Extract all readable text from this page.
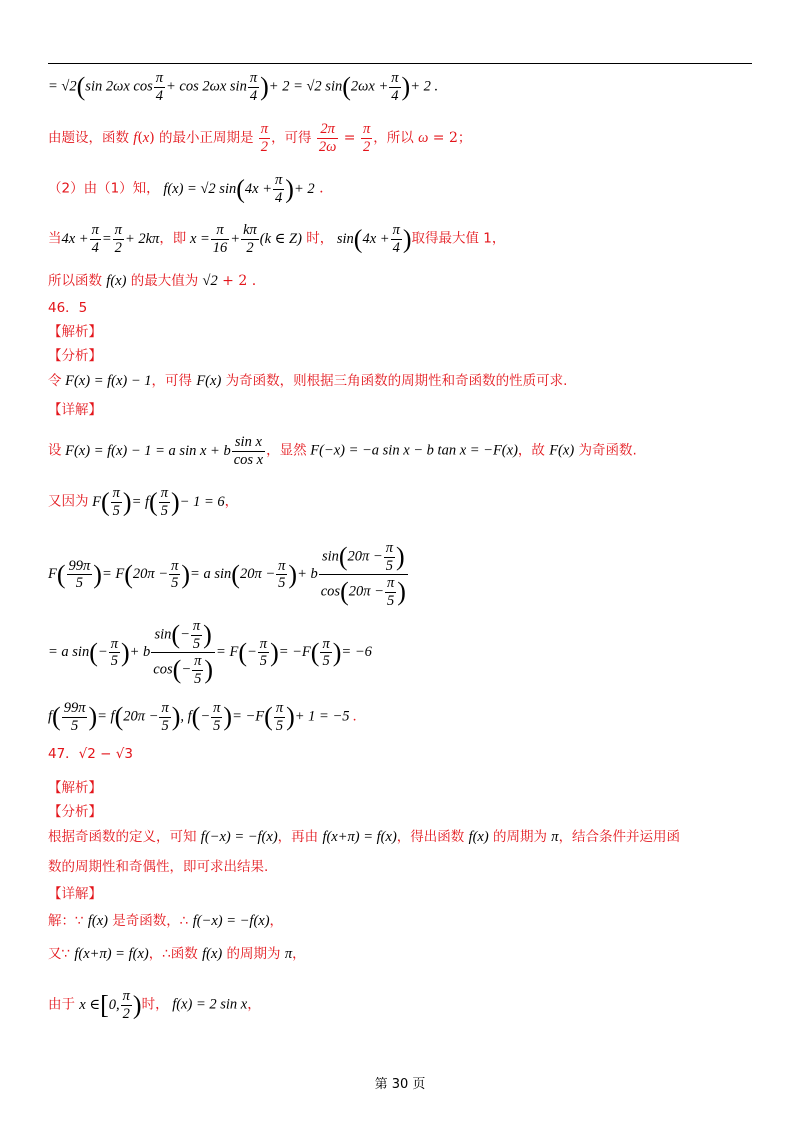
= √2(sin 2ωx $\cos \frac{\pi}{4} + \cos 2\omega x$ $\sin \frac{\pi}{4}$ )+ 2 = √2 $\sin(2\omega x + \frac{\pi}{4}$ )+ 2 .
由题设，函数 f(x) 的最小正周期是 $\frac{\pi}{2}$ ，可得 $\frac{2\pi}{2\omega} = \frac{\pi}{2}$ ，所以 ω = 2；
（2）由（1）知， f(x) = √2 $\sin(4x + \frac{\pi}{4}$ )+ 2 .
当$4x + \frac{\pi}{4} = \frac{\pi}{2} + 2k\pi$，即 $x = \frac{\pi}{16} + \frac{k\pi}{2} (k$ ∈ Z) 时， $\sin(4x + \frac{\pi}{4}$ )取得最大值 1，
所以函数 f(x) 的最大值为 √2 + 2 .
46．5
【解析】
【分析】
令 F(x) = f(x) − 1，可得 F(x) 为奇函数，则根据三角函数的周期性和奇函数的性质可求.
【详解】
设 F(x) = f(x) − 1 = a sin x + b $\frac{\text{sin x}}{\text{cos x}}$ ，显然 F(−x) = −a sin x − b tan x = −F(x)，故 F(x) 为奇函数.
又因为 $F( \frac{\pi}{5}$ )= $f( \frac{\pi}{5}$ )− 1 = 6，
$F( \frac{99\pi}{5}$ )= $F(20\pi - \frac{\pi}{5}$ )= a $\sin(20\pi - \frac{\pi}{5}$ )+ b $\frac{\sin(20\pi - \frac{\pi}{5} )}{\cos(20\pi - \frac{\pi}{5} )}$
= a $\sin(- \frac{\pi}{5}$ )+ b $\frac{\sin(- \frac{\pi}{5} )}{\cos(- \frac{\pi}{5} )} = F(- \frac{\pi}{5}$ )= $-F( \frac{\pi}{5}$ )= −6
$f( \frac{99\pi}{5}$ )= $f(20\pi - \frac{\pi}{5}$ ), $f(- \frac{\pi}{5}$ )= $-F( \frac{\pi}{5}$ )+ 1 = −5 .
47．√2 − √3
【解析】
【分析】
根据奇函数的定义，可知 f(−x) = −f(x)，再由 f(x+π) = f(x)，得出函数 f(x) 的周期为 π，结合条件并运用函
数的周期性和奇偶性，即可求出结果.
【详解】
解：∵ f(x) 是奇函数，∴ f(−x) = −f(x)，
又∵ f(x+π) = f(x)，∴函数 f(x) 的周期为 π，
由于 x ∈[0, $\frac{\pi}{2}$ )时， f(x) = 2 sin x，
第 30 页
